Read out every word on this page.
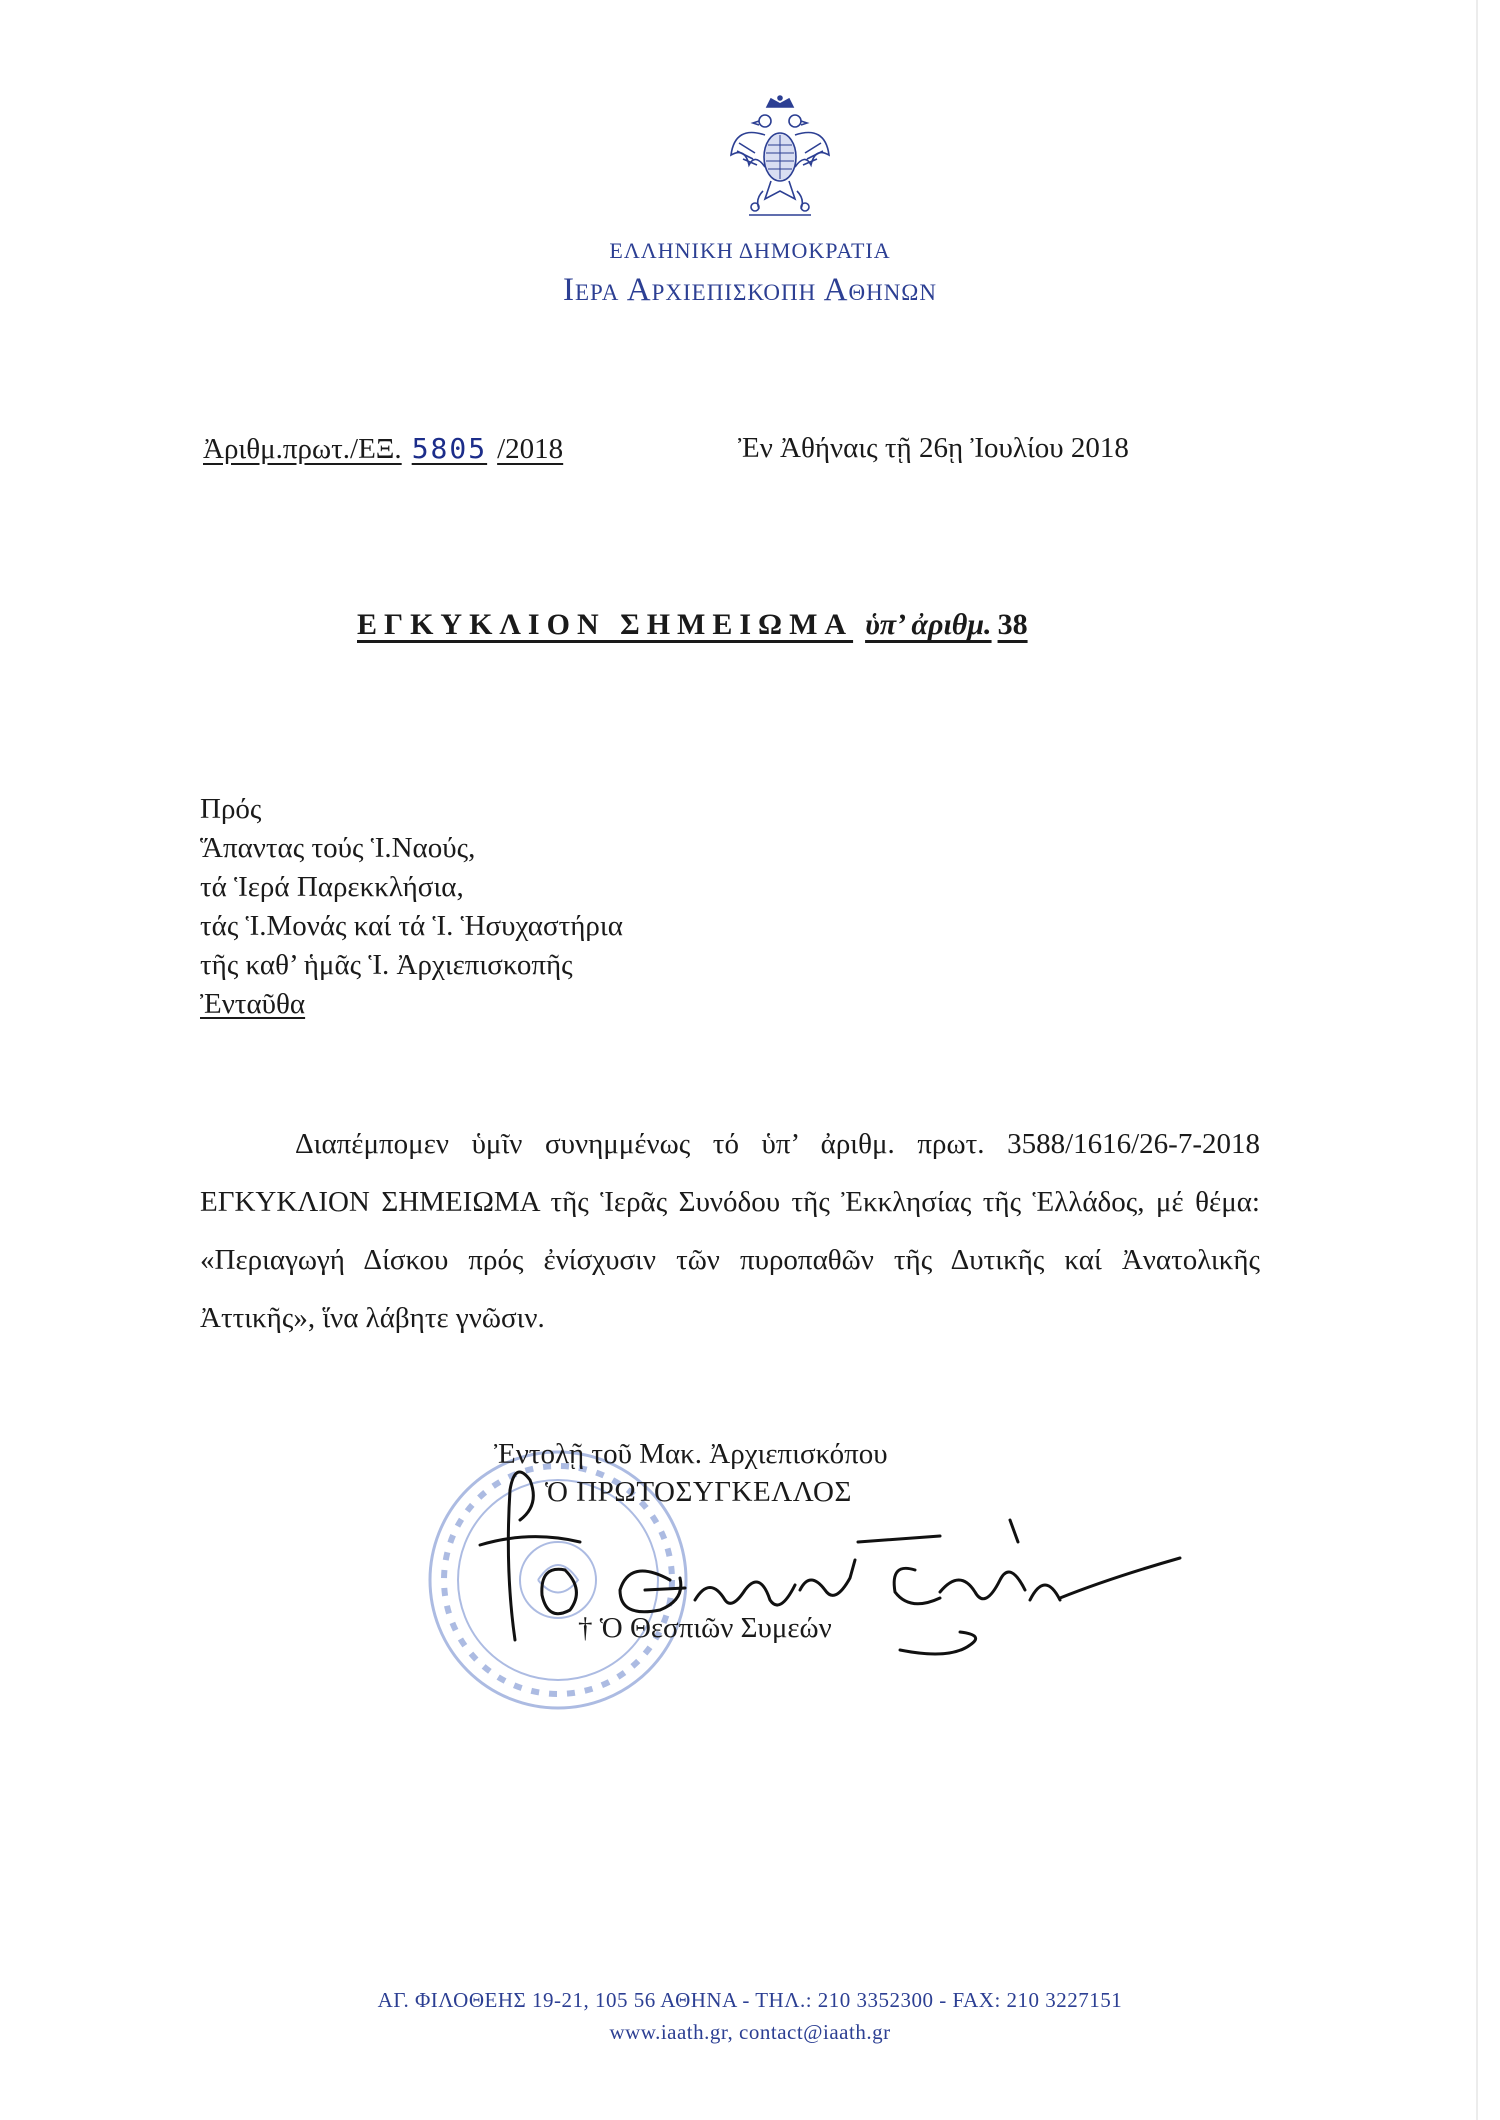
ΕΛΛΗΝΙΚΗ ΔΗΜΟΚΡΑΤΙΑ
Ιερα Αρχιεπισκοπη Αθηνων
Ἀριθμ.πρωτ./ΕΞ. 5805 /2018	Ἐν Ἀθήναις τῇ 26ῃ Ἰουλίου 2018
ΕΓΚΥΚΛΙΟΝ ΣΗΜΕΙΩΜΑ ὑπ’ ἀριθμ. 38
Πρός
Ἅπαντας τούς Ἱ.Ναούς,
τά Ἱερά Παρεκκλήσια,
τάς Ἱ.Μονάς καί τά Ἱ. Ἡσυχαστήρια
τῆς καθ’ ἡμᾶς Ἱ. Ἀρχιεπισκοπῆς
Ἐνταῦθα
Διαπέμπομεν ὑμῖν συνημμένως τό ὑπ’ ἀριθμ. πρωτ. 3588/1616/26-7-2018 ΕΓΚΥΚΛΙΟΝ ΣΗΜΕΙΩΜΑ τῆς Ἱερᾶς Συνόδου τῆς Ἐκκλησίας τῆς Ἑλλάδος, μέ θέμα: «Περιαγωγή Δίσκου πρός ἐνίσχυσιν τῶν πυροπαθῶν τῆς Δυτικῆς καί Ἀνατολικῆς Ἀττικῆς», ἵνα λάβητε γνῶσιν.
Ἐντολῇ τοῦ Μακ. Ἀρχιεπισκόπου
Ὁ ΠΡΩΤΟΣΥΓΚΕΛΛΟΣ
† Ὁ Θεσπιῶν Συμεών
ΑΓ. ΦΙΛΟΘΕΗΣ 19-21, 105 56 ΑΘΗΝΑ - ΤΗΛ.: 210 3352300 - FAX: 210 3227151
www.iaath.gr, contact@iaath.gr
